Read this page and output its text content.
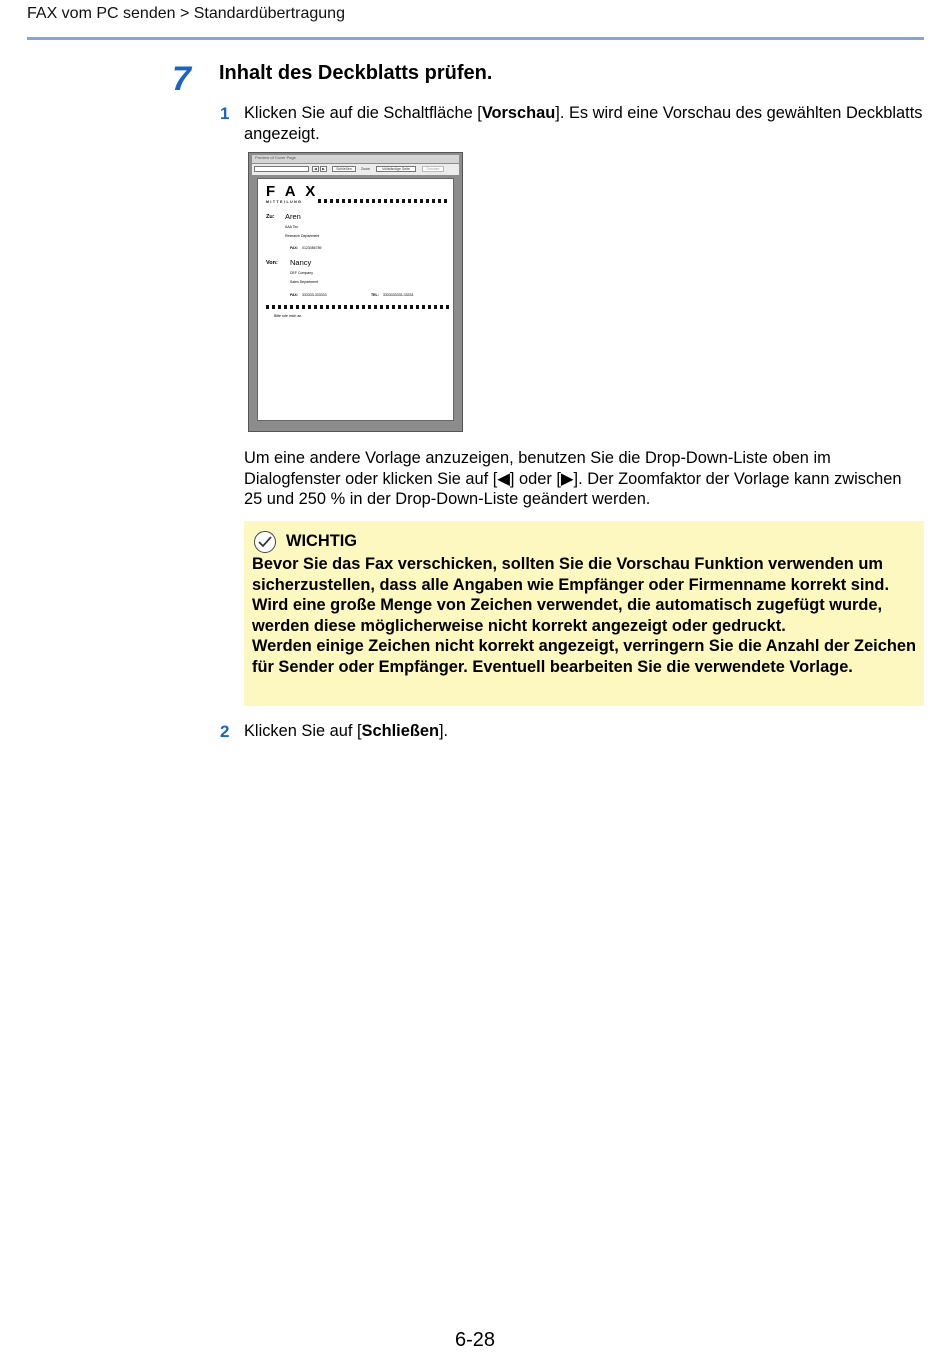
FAX vom PC senden > Standardübertragung
7 Inhalt des Deckblatts prüfen.
1 Klicken Sie auf die Schaltfläche [Vorschau]. Es wird eine Vorschau des gewählten Deckblatts angezeigt.
Preview of Cover Page
◀	▶	Schließen	Zoom	Vollständige Seite	Drucken
F A X
MITTEILUNG
Zu: Aren
AAA Tec
Research Department
FAX: 0123456789
Von: Nancy
DEF Company
Sales Department
FAX: 333333-333333	TEL: 3333333333-33333
Bitte rufe mich an.
Um eine andere Vorlage anzuzeigen, benutzen Sie die Drop-Down-Liste oben im Dialogfenster oder klicken Sie auf [◀] oder [▶]. Der Zoomfaktor der Vorlage kann zwischen 25 und 250 % in der Drop-Down-Liste geändert werden.
WICHTIG

Bevor Sie das Fax verschicken, sollten Sie die Vorschau Funktion verwenden um sicherzustellen, dass alle Angaben wie Empfänger oder Firmenname korrekt sind.

Wird eine große Menge von Zeichen verwendet, die automatisch zugefügt wurde, werden diese möglicherweise nicht korrekt angezeigt oder gedruckt.

Werden einige Zeichen nicht korrekt angezeigt, verringern Sie die Anzahl der Zeichen für Sender oder Empfänger. Eventuell bearbeiten Sie die verwendete Vorlage.

2 Klicken Sie auf [Schließen].
6-28
